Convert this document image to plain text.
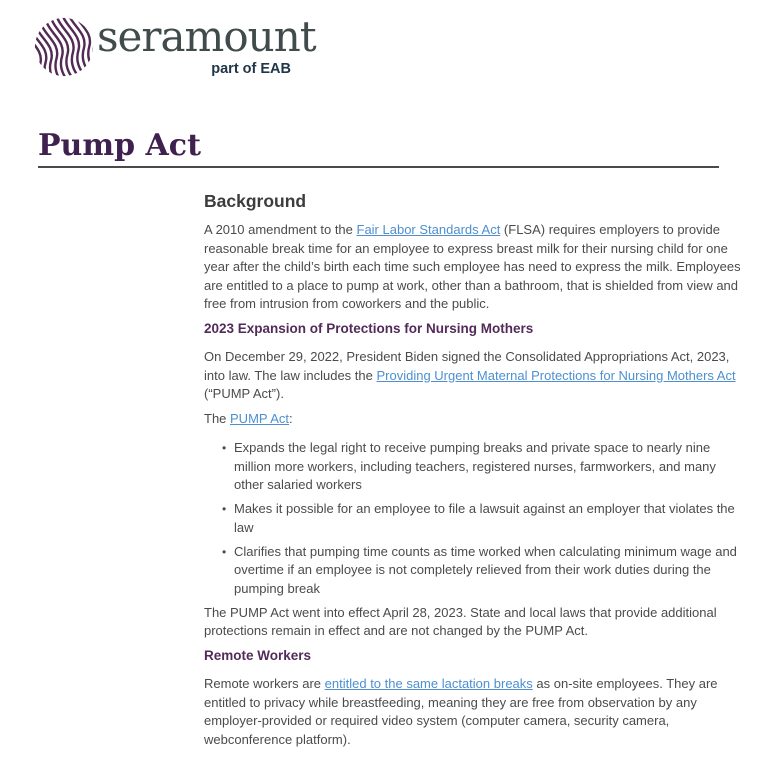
seramount
part of EAB
Pump Act
Background

A 2010 amendment to the Fair Labor Standards Act (FLSA) requires employers to provide reasonable break time for an employee to express breast milk for their nursing child for one year after the child’s birth each time such employee has need to express the milk. Employees are entitled to a place to pump at work, other than a bathroom, that is shielded from view and free from intrusion from coworkers and the public.

2023 Expansion of Protections for Nursing Mothers

On December 29, 2022, President Biden signed the Consolidated Appropriations Act, 2023, into law. The law includes the Providing Urgent Maternal Protections for Nursing Mothers Act (“PUMP Act”).

The PUMP Act:

• Expands the legal right to receive pumping breaks and private space to nearly nine million more workers, including teachers, registered nurses, farmworkers, and many other salaried workers
• Makes it possible for an employee to file a lawsuit against an employer that violates the law
• Clarifies that pumping time counts as time worked when calculating minimum wage and overtime if an employee is not completely relieved from their work duties during the pumping break

The PUMP Act went into effect April 28, 2023. State and local laws that provide additional protections remain in effect and are not changed by the PUMP Act.

Remote Workers

Remote workers are entitled to the same lactation breaks as on-site employees. They are entitled to privacy while breastfeeding, meaning they are free from observation by any employer-provided or required video system (computer camera, security camera, webconference platform).
